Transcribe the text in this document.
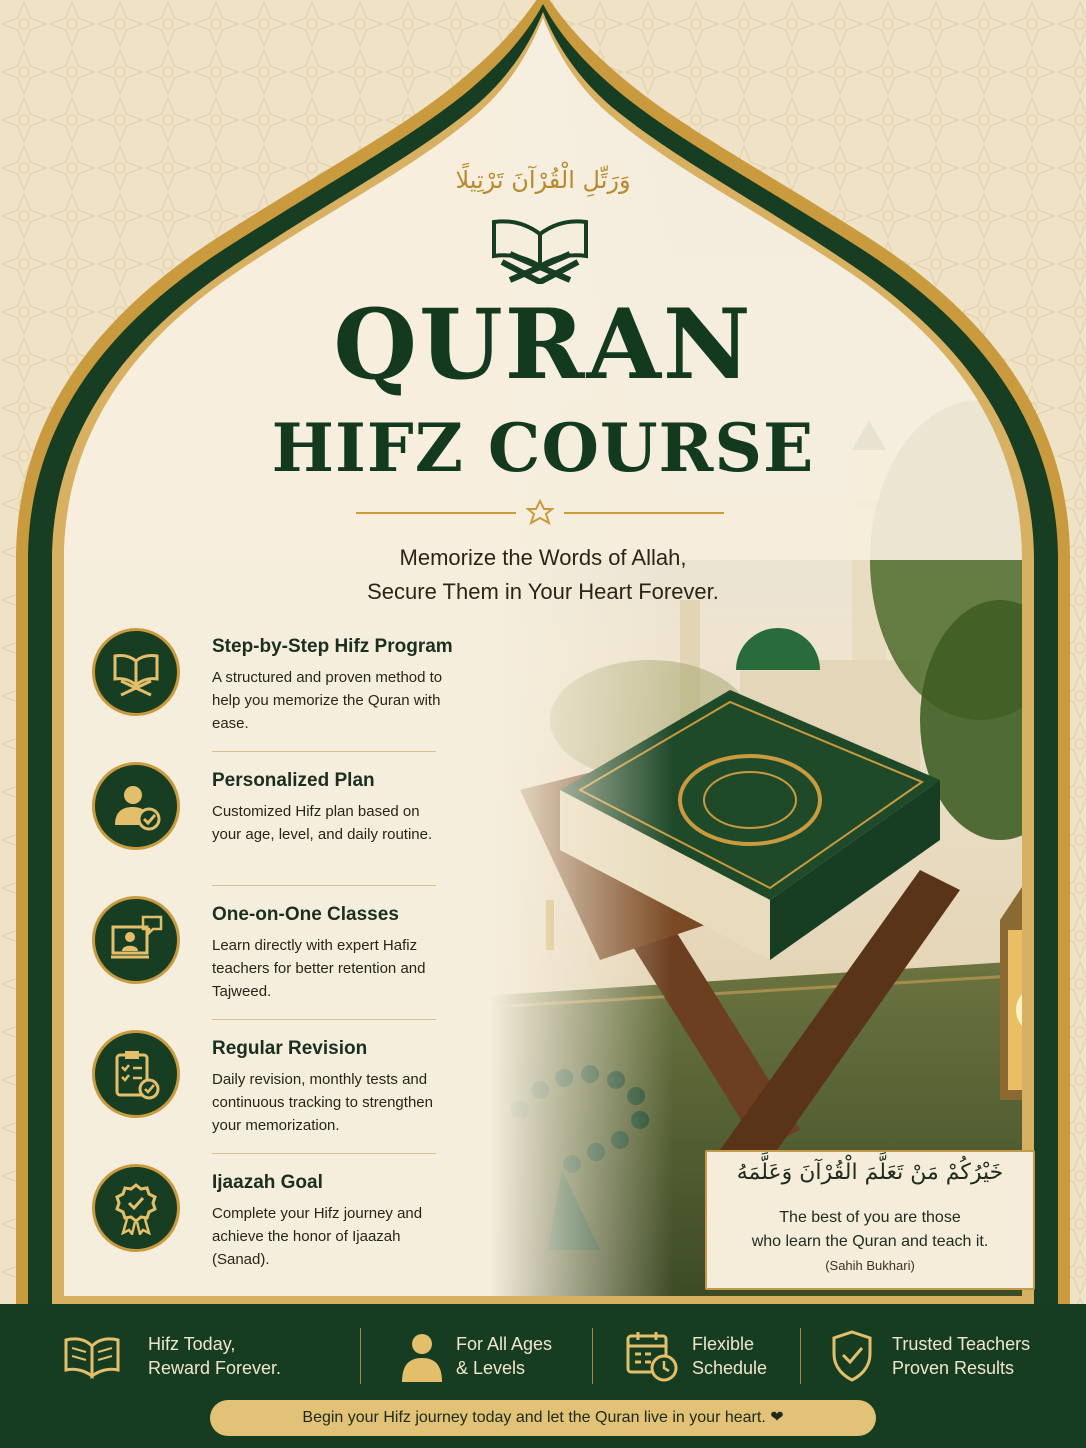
وَرَتِّلِ الْقُرْآنَ تَرْتِيلًا
QURAN
HIFZ COURSE
Memorize the Words of Allah,
Secure Them in Your Heart Forever.
Step-by-Step Hifz Program
A structured and proven method to help you memorize the Quran with ease.
Personalized Plan
Customized Hifz plan based on your age, level, and daily routine.
One-on-One Classes
Learn directly with expert Hafiz teachers for better retention and Tajweed.
Regular Revision
Daily revision, monthly tests and continuous tracking to strengthen your memorization.
Ijaazah Goal
Complete your Hifz journey and achieve the honor of Ijaazah (Sanad).
خَيْرُكُمْ مَنْ تَعَلَّمَ الْقُرْآنَ وَعَلَّمَهُ
The best of you are those
who learn the Quran and teach it.
(Sahih Bukhari)
Hifz Today,
Reward Forever.
For All Ages
& Levels
Flexible
Schedule
Trusted Teachers
Proven Results
Begin your Hifz journey today and let the Quran live in your heart. ❤
